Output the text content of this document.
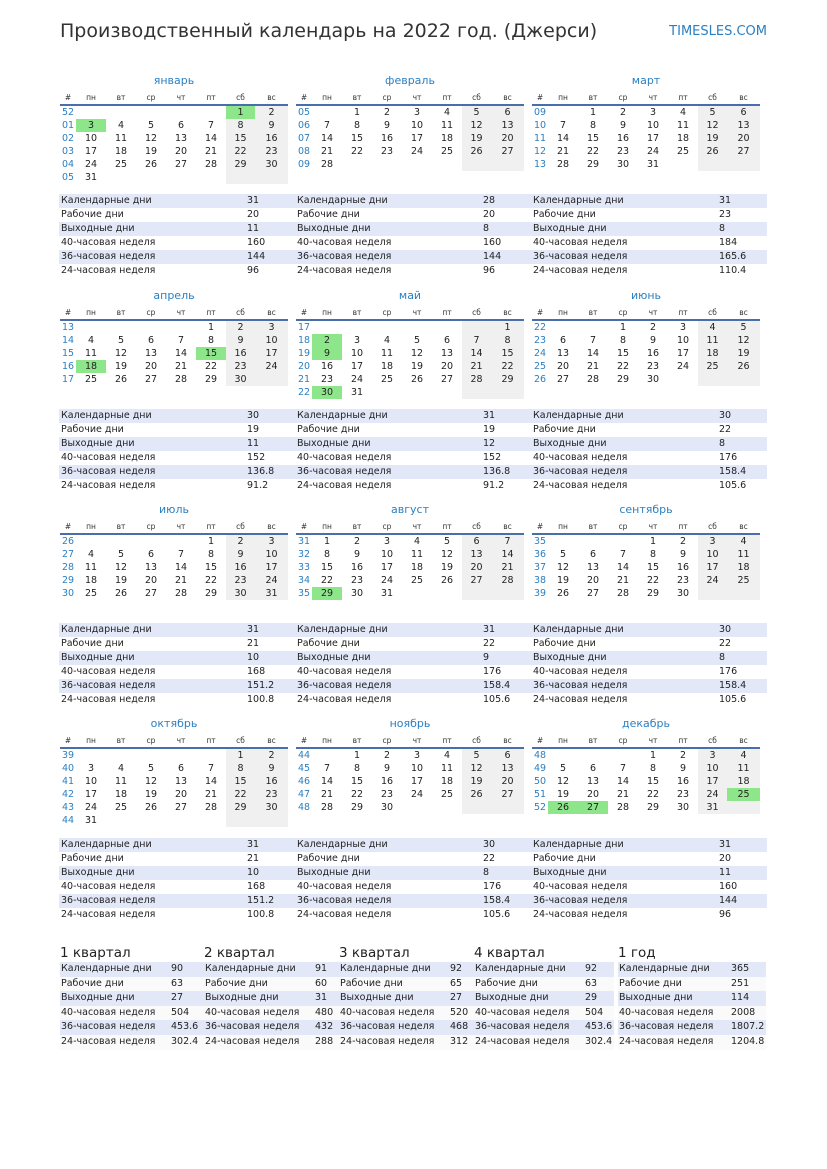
Производственный календарь на 2022 год. (Джерси)	TIMESLES.COM
январь
#	пн	вт	ср	чт	пт	сб	вс
52						1	2
01	3	4	5	6	7	8	9
02	10	11	12	13	14	15	16
03	17	18	19	20	21	22	23
04	24	25	26	27	28	29	30
05	31						
Календарные дни	31
Рабочие дни	20
Выходные дни	11
40-часовая неделя	160
36-часовая неделя	144
24-часовая неделя	96
февраль
#	пн	вт	ср	чт	пт	сб	вс
05		1	2	3	4	5	6
06	7	8	9	10	11	12	13
07	14	15	16	17	18	19	20
08	21	22	23	24	25	26	27
09	28						
Календарные дни	28
Рабочие дни	20
Выходные дни	8
40-часовая неделя	160
36-часовая неделя	144
24-часовая неделя	96
март
#	пн	вт	ср	чт	пт	сб	вс
09		1	2	3	4	5	6
10	7	8	9	10	11	12	13
11	14	15	16	17	18	19	20
12	21	22	23	24	25	26	27
13	28	29	30	31			
Календарные дни	31
Рабочие дни	23
Выходные дни	8
40-часовая неделя	184
36-часовая неделя	165.6
24-часовая неделя	110.4
апрель
#	пн	вт	ср	чт	пт	сб	вс
13					1	2	3
14	4	5	6	7	8	9	10
15	11	12	13	14	15	16	17
16	18	19	20	21	22	23	24
17	25	26	27	28	29	30	
Календарные дни	30
Рабочие дни	19
Выходные дни	11
40-часовая неделя	152
36-часовая неделя	136.8
24-часовая неделя	91.2
май
#	пн	вт	ср	чт	пт	сб	вс
17							1
18	2	3	4	5	6	7	8
19	9	10	11	12	13	14	15
20	16	17	18	19	20	21	22
21	23	24	25	26	27	28	29
22	30	31					
Календарные дни	31
Рабочие дни	19
Выходные дни	12
40-часовая неделя	152
36-часовая неделя	136.8
24-часовая неделя	91.2
июнь
#	пн	вт	ср	чт	пт	сб	вс
22			1	2	3	4	5
23	6	7	8	9	10	11	12
24	13	14	15	16	17	18	19
25	20	21	22	23	24	25	26
26	27	28	29	30			
Календарные дни	30
Рабочие дни	22
Выходные дни	8
40-часовая неделя	176
36-часовая неделя	158.4
24-часовая неделя	105.6
июль
#	пн	вт	ср	чт	пт	сб	вс
26					1	2	3
27	4	5	6	7	8	9	10
28	11	12	13	14	15	16	17
29	18	19	20	21	22	23	24
30	25	26	27	28	29	30	31
Календарные дни	31
Рабочие дни	21
Выходные дни	10
40-часовая неделя	168
36-часовая неделя	151.2
24-часовая неделя	100.8
август
#	пн	вт	ср	чт	пт	сб	вс
31	1	2	3	4	5	6	7
32	8	9	10	11	12	13	14
33	15	16	17	18	19	20	21
34	22	23	24	25	26	27	28
35	29	30	31				
Календарные дни	31
Рабочие дни	22
Выходные дни	9
40-часовая неделя	176
36-часовая неделя	158.4
24-часовая неделя	105.6
сентябрь
#	пн	вт	ср	чт	пт	сб	вс
35				1	2	3	4
36	5	6	7	8	9	10	11
37	12	13	14	15	16	17	18
38	19	20	21	22	23	24	25
39	26	27	28	29	30		
Календарные дни	30
Рабочие дни	22
Выходные дни	8
40-часовая неделя	176
36-часовая неделя	158.4
24-часовая неделя	105.6
октябрь
#	пн	вт	ср	чт	пт	сб	вс
39						1	2
40	3	4	5	6	7	8	9
41	10	11	12	13	14	15	16
42	17	18	19	20	21	22	23
43	24	25	26	27	28	29	30
44	31						
Календарные дни	31
Рабочие дни	21
Выходные дни	10
40-часовая неделя	168
36-часовая неделя	151.2
24-часовая неделя	100.8
ноябрь
#	пн	вт	ср	чт	пт	сб	вс
44		1	2	3	4	5	6
45	7	8	9	10	11	12	13
46	14	15	16	17	18	19	20
47	21	22	23	24	25	26	27
48	28	29	30				
Календарные дни	30
Рабочие дни	22
Выходные дни	8
40-часовая неделя	176
36-часовая неделя	158.4
24-часовая неделя	105.6
декабрь
#	пн	вт	ср	чт	пт	сб	вс
48				1	2	3	4
49	5	6	7	8	9	10	11
50	12	13	14	15	16	17	18
51	19	20	21	22	23	24	25
52	26	27	28	29	30	31	
Календарные дни	31
Рабочие дни	20
Выходные дни	11
40-часовая неделя	160
36-часовая неделя	144
24-часовая неделя	96
1 квартал
Календарные дни	90
Рабочие дни	63
Выходные дни	27
40-часовая неделя	504
36-часовая неделя	453.6
24-часовая неделя	302.4
2 квартал
Календарные дни	91
Рабочие дни	60
Выходные дни	31
40-часовая неделя	480
36-часовая неделя	432
24-часовая неделя	288
3 квартал
Календарные дни	92
Рабочие дни	65
Выходные дни	27
40-часовая неделя	520
36-часовая неделя	468
24-часовая неделя	312
4 квартал
Календарные дни	92
Рабочие дни	63
Выходные дни	29
40-часовая неделя	504
36-часовая неделя	453.6
24-часовая неделя	302.4
1 год
Календарные дни	365
Рабочие дни	251
Выходные дни	114
40-часовая неделя	2008
36-часовая неделя	1807.2
24-часовая неделя	1204.8
